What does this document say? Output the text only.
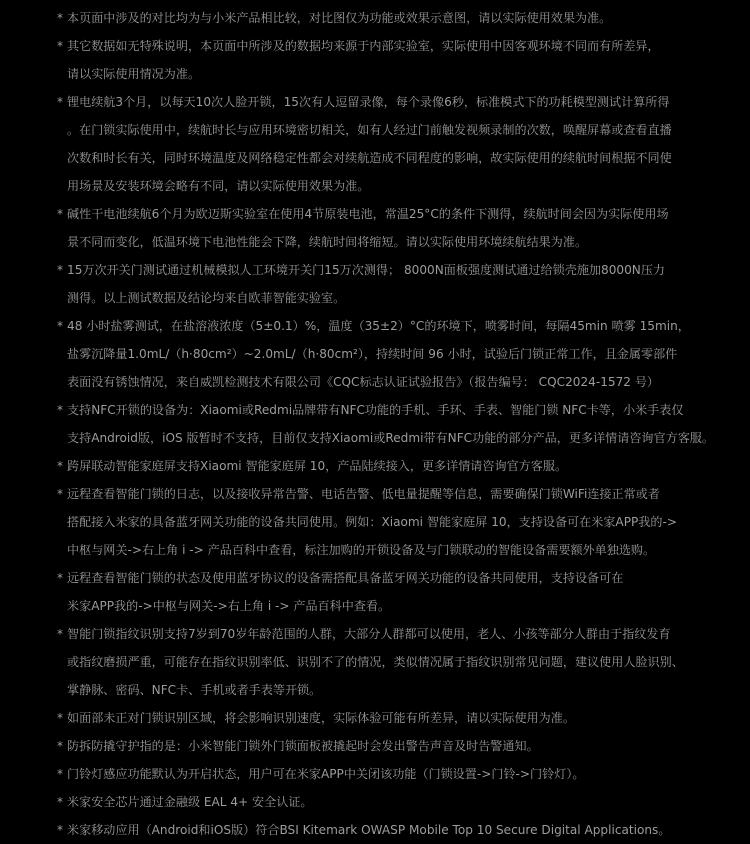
* 本页面中涉及的对比均为与小米产品相比较，对比图仅为功能或效果示意图，请以实际使用效果为准。
* 其它数据如无特殊说明，本页面中所涉及的数据均来源于内部实验室，实际使用中因客观环境不同而有所差异，
请以实际使用情况为准。
* 锂电续航3个月，以每天10次人脸开锁，15次有人逗留录像，每个录像6秒，标准模式下的功耗模型测试计算所得
。在门锁实际使用中，续航时长与应用环境密切相关，如有人经过门前触发视频录制的次数，唤醒屏幕或查看直播
次数和时长有关，同时环境温度及网络稳定性都会对续航造成不同程度的影响，故实际使用的续航时间根据不同使
用场景及安装环境会略有不同，请以实际使用效果为准。
* 碱性干电池续航6个月为欧迈斯实验室在使用4节原装电池，常温25°C的条件下测得，续航时间会因为实际使用场
景不同而变化，低温环境下电池性能会下降，续航时间将缩短。请以实际使用环境续航结果为准。
* 15万次开关门测试通过机械模拟人工环境开关门15万次测得； 8000N面板强度测试通过给锁壳施加8000N压力
测得。以上测试数据及结论均来自欧菲智能实验室。
* 48 小时盐雾测试，在盐溶液浓度（5±0.1）%，温度（35±2）°C的环境下，喷雾时间，每隔45min 喷雾 15min，
盐雾沉降量1.0mL/（h·80cm²）~2.0mL/（h·80cm²），持续时间 96 小时，试验后门锁正常工作，且金属零部件
表面没有锈蚀情况，来自威凯检测技术有限公司《CQC标志认证试验报告》（报告编号： CQC2024-1572 号）
* 支持NFC开锁的设备为：Xiaomi或Redmi品牌带有NFC功能的手机、手环、手表、智能门锁 NFC卡等，小米手表仅
支持Android版，iOS 版暂时不支持，目前仅支持Xiaomi或Redmi带有NFC功能的部分产品，更多详情请咨询官方客服。
* 跨屏联动智能家庭屏支持Xiaomi 智能家庭屏 10，产品陆续接入，更多详情请咨询官方客服。
* 远程查看智能门锁的日志，以及接收异常告警、电话告警、低电量提醒等信息，需要确保门锁WiFi连接正常或者
搭配接入米家的具备蓝牙网关功能的设备共同使用。例如：Xiaomi 智能家庭屏 10，支持设备可在米家APP我的->
中枢与网关->右上角 i -> 产品百科中查看，标注加购的开锁设备及与门锁联动的智能设备需要额外单独选购。
* 远程查看智能门锁的状态及使用蓝牙协议的设备需搭配具备蓝牙网关功能的设备共同使用，支持设备可在
米家APP我的->中枢与网关->右上角 i -> 产品百科中查看。
* 智能门锁指纹识别支持7岁到70岁年龄范围的人群，大部分人群都可以使用，老人、小孩等部分人群由于指纹发育
或指纹磨损严重，可能存在指纹识别率低、识别不了的情况，类似情况属于指纹识别常见问题，建议使用人脸识别、
掌静脉、密码、NFC卡、手机或者手表等开锁。
* 如面部未正对门锁识别区域，将会影响识别速度，实际体验可能有所差异，请以实际使用为准。
* 防拆防撬守护指的是：小米智能门锁外门锁面板被撬起时会发出警告声音及时告警通知。
* 门铃灯感应功能默认为开启状态，用户可在米家APP中关闭该功能（门锁设置->门铃->门铃灯）。
* 米家安全芯片通过金融级 EAL 4+ 安全认证。
* 米家移动应用（Android和iOS版）符合BSI Kitemark OWASP Mobile Top 10 Secure Digital Applications。
